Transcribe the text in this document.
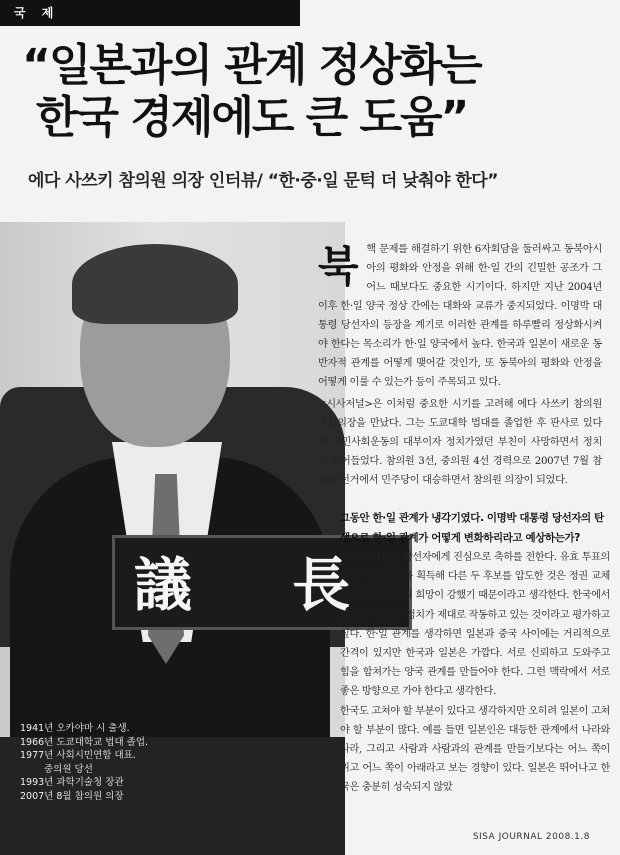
국 제
“일본과의 관계 정상화는
한국 경제에도 큰 도움”
에다 사쓰키 참의원 의장 인터뷰/ “한·중·일 문턱 더 낮춰야 한다”
議 長
1941년 오카야마 시 출생.
1966년 도쿄대학교 법대 졸업.
1977년 사회시민연합 대표.
중의원 당선
1993년 과학기술청 장관
2007년 8월 참의원 의장
북 핵 문제를 해결하기 위한 6자회담을 둘러싸고 동북아시아의 평화와 안정을 위해 한·일 간의 긴밀한 공조가 그 어느 때보다도 중요한 시기이다. 하지만 지난 2004년 이후 한·일 양국 정상 간에는 대화와 교류가 중지되었다. 이명박 대통령 당선자의 등장을 계기로 이러한 관계를 하루빨리 정상화시켜야 한다는 목소리가 한·일 양국에서 높다. 한국과 일본이 새로운 동반자적 관계를 어떻게 맺어갈 것인가, 또 동북아의 평화와 안정을 어떻게 이룰 수 있는가 등이 주목되고 있다.

<시사저널>은 이처럼 중요한 시기를 고려해 에다 사쓰키 참의원 국회의장을 만났다. 그는 도쿄대학 법대를 졸업한 후 판사로 있다가 시민사회운동의 대부이자 정치가였던 부친이 사망하면서 정치에 뛰어들었다. 참의원 3선, 중의원 4선 경력으로 2007년 7월 참의원 선거에서 민주당이 대승하면서 참의원 의장이 되었다.

그동안 한·일 관계가 냉각기였다. 이명박 대통령 당선자의 탄생으로 한·일 관계가 어떻게 변화하리라고 예상하는가?

이명박 대통령 당선자에게 진심으로 축하를 전한다. 유효 투표의 절반 가까운 표를 획득해 다른 두 후보를 압도한 것은 정권 교체에 대한 한국민의 희망이 강했기 때문이라고 생각한다. 한국에서의 정권 교체는 정치가 제대로 작동하고 있는 것이라고 평가하고 싶다. 한·일 관계를 생각하면 일본과 중국 사이에는 거리적으로 간격이 있지만 한국과 일본은 가깝다. 서로 신뢰하고 도와주고 힘을 합쳐가는 양국 관계를 만들어야 한다. 그런 맥락에서 서로 좋은 방향으로 가야 한다고 생각한다.

한국도 고쳐야 할 부분이 있다고 생각하지만 오히려 일본이 고쳐야 할 부분이 많다. 예를 들면 일본인은 대등한 관계에서 나라와 나라, 그리고 사람과 사람과의 관계를 만들기보다는 어느 쪽이 위고 어느 쪽이 아래라고 보는 경향이 있다. 일본은 뛰어나고 한국은 충분히 성숙되지 않았

SISA JOURNAL 2008.1.8
